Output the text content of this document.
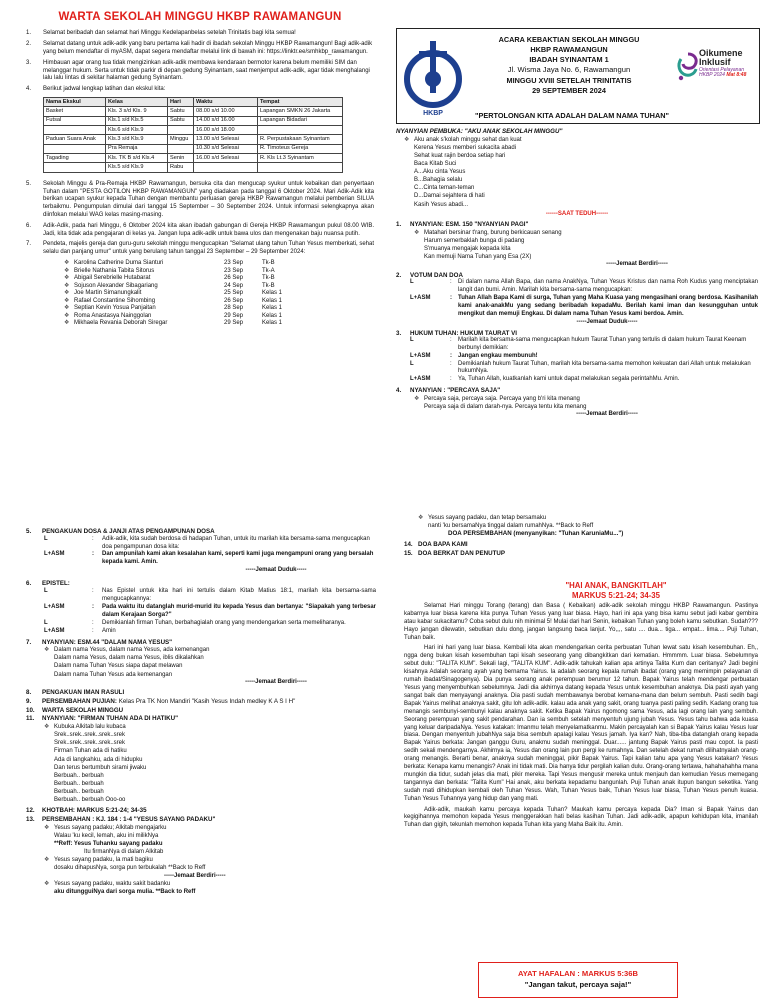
WARTA SEKOLAH MINGGU HKBP RAWAMANGUN
1.	Selamat beribadah dan selamat hari Minggu Kedelapanbelas setelah Trinitatis bagi kita semua!
2.	Selamat datang untuk adik-adik yang baru pertama kali hadir di ibadah sekolah Minggu HKBP Rawamangun! Bagi adik-adik yang belum mendaftar di myASM, dapat segera mendaftar melalui link di bawah ini: https://linktr.ee/smhkbp_rawamangun.
3.	Himbauan agar orang tua tidak mengizinkan adik-adik membawa kendaraan bermotor karena belum memiliki SIM dan melanggar hukum. Serta untuk tidak parkir di depan gedung Syinantam, saat menjemput adik-adik, agar tidak menghalangi lalu lalu lintas di sekitar halaman gedung Syinantam.
4.	Berikut jadwal lengkap latihan dan ekskul kita:
Nama Ekskul	Kelas	Hari	Waktu	Tempat
Basket	Kls. 3 s/d Kls. 9	Sabtu	08.00 s/d 10.00	Lapangan SMKN 26 Jakarta
Futsal	Kls.1 s/d Kls.5	Sabtu	14.00 s/d 16.00	Lapangan Bidadari
	Kls.6 s/d Kls.9		16.00 s/d 18.00	
Paduan Suara Anak	Kls.3 s/d Kls.9	Minggu	13.00 s/d Selesai	R. Perpustakaan Syinantam
	Pra Remaja		10.30 s/d Selesai	R. Timoteus Gereja
Tagading	Kls. TK B s/d Kls.4	Senin	16.00 s/d Selesai	R. Kls Lt.3 Syinantam
	Kls.5 s/d Kls.9	Rabu		
5.	Sekolah Minggu & Pra-Remaja HKBP Rawamangun, bersuka cita dan mengucap syukur untuk kebaikan dan penyertaan Tuhan dalam "PESTA GOTILON HKBP RAWAMANGUN" yang diadakan pada tanggal 6 Oktober 2024. Mari Adik-Adik kita berikan ucapan syukur kepada Tuhan dengan membantu perluasan gereja HKBP Rawamangun melalui pemberian SILUA terbaikmu. Pengumpulan dimulai dari tanggal 15 September – 30 September 2024. Untuk informasi selengkapnya akan diinfokan melalui WAG kelas masing-masing.
6.	Adik-Adik, pada hari Minggu, 6 Oktober 2024 kita akan ibadah gabungan di Gereja HKBP Rawamangun pukul 08.00 WIB. Jadi, kita tidak ada pengajaran di kelas ya. Jangan lupa adik-adik untuk bawa ulos dan mengenakan baju nuansa putih.
7.	Pendeta, majelis gereja dan guru-guru sekolah minggu mengucapkan "Selamat ulang tahun Tuhan Yesus memberkati, sehat selalu dan panjang umur" untuk yang berulang tahun tanggal 23 September – 29 September 2024:
❖ Karolina Catherine Duma Sianturi	23 Sep	Tk-B
❖ Brielle Nathania Tabita Sitorus	23 Sep	Tk-A
❖ Abigail Serebrielle Hutabarat	26 Sep	Tk-B
❖ Sojuson Alexander Sibagariang	24 Sep	Tk-B
❖ Joe Martin Simanungkalit	25 Sep	Kelas 1
❖ Rafael Constantine Sihombing	26 Sep	Kelas 1
❖ Septian Kevin Yosua Panjaitan	28 Sep	Kelas 1
❖ Roma Anastasya Nainggolan	29 Sep	Kelas 1
❖ Mikhaela Revania Deborah Siregar	29 Sep	Kelas 1
HKBP
ACARA KEBAKTIAN SEKOLAH MINGGU
HKBP RAWAMANGUN
IBADAH SYINANTAM 1
Jl. Wisma Jaya No. 6, Rawamangun
MINGGU XVIII SETELAH TRINITATIS
29 SEPTEMBER 2024
"PERTOLONGAN KITA ADALAH DALAM NAMA TUHAN"
Oikumene
Inklusif
Orientasi Pelayanan
HKBP 2024 Mat 8:48
NYANYIAN PEMBUKA: "AKU ANAK SEKOLAH MINGGU"
❖ Aku anak s'kolah minggu sehat dan kuat
Kerena Yesus memberi sukacita abadi
Sehat kuat rajin berdoa setiap hari
Baca Kitab Suci
A...Aku cinta Yesus
B...Bahagia selalu
C...Cinta teman-teman
D...Damai sejahtera di hati
Kasih Yesus abadi...
------SAAT TEDUH------
1.	NYANYIAN: ESM. 150 "NYANYIAN PAGI"
❖ Matahari bersinar t'rang, burung berkicauan senang
Harum semerbaklah bunga di padang
S'muanya mengajak kepada kita
Kan memuji Nama Tuhan yang Esa (2X)
-----Jemaat Berdiri-----
2.	VOTUM DAN DOA
L	:	Di dalam nama Allah Bapa, dan nama AnakNya, Tuhan Yesus Kristus dan nama Roh Kudus yang menciptakan langit dan bumi. Amin. Marilah kita bersama-sama mengucapkan:
L+ASM	:	Tuhan Allah Bapa Kami di surga, Tuhan yang Maha Kuasa yang mengasihani orang berdosa. Kasihanilah kami anak-anakMu yang sedang beribadah kepadaMu. Berilah kami iman dan kesungguhan untuk mengikut dan memuji Engkau. Di dalam nama Tuhan Yesus kami berdoa. Amin.
-----Jemaat Duduk-----
3.	HUKUM TUHAN: HUKUM TAURAT VI
L	:	Marilah kita bersama-sama mengucapkan hukum Taurat Tuhan yang tertulis di dalam hukum Taurat Keenam berbunyi demikian:
L+ASM	:	Jangan engkau membunuh!
L	:	Demikianlah hukum Taurat Tuhan, marilah kita bersama-sama memohon kekuatan dari Allah untuk melakukan hukumNya.
L+ASM	:	Ya, Tuhan Allah, kuatkanlah kami untuk dapat melakukan segala perintahMu. Amin.
4.	NYANYIAN : "PERCAYA SAJA"
❖ Percaya saja, percaya saja. Percaya yang b'ri kita menang
Percaya saja di dalam darah-nya. Percaya tentu kita menang
-----Jemaat Berdiri-----
5.	PENGAKUAN DOSA & JANJI ATAS PENGAMPUNAN DOSA
L	:	Adik-adik, kita sudah berdosa di hadapan Tuhan, untuk itu marilah kita bersama-sama mengucapkan doa pengampunan dosa kita:
L+ASM	:	Dan ampunilah kami akan kesalahan kami, seperti kami juga mengampuni orang yang bersalah kepada kami. Amin.
-----Jemaat Duduk-----
6.	EPISTEL:
L	:	Nas Epistel untuk kita hari ini tertulis dalam Kitab Matius 18:1, marilah kita bersama-sama mengucapkannya:
L+ASM	:	Pada waktu itu datanglah murid-murid itu kepada Yesus dan bertanya: "Siapakah yang terbesar dalam Kerajaan Sorga?"
L	:	Demikianlah firman Tuhan, berbahagialah orang yang mendengarkan serta memeliharanya.
L+ASM	:	Amin
7.	NYANYIAN: ESM.44 "DALAM NAMA YESUS"
❖ Dalam nama Yesus, dalam nama Yesus, ada kemenangan
Dalam nama Yesus, dalam nama Yesus, iblis dikalahkan
Dalam nama Tuhan Yesus siapa dapat melawan
Dalam nama Tuhan Yesus ada kemenangan
-----Jemaat Berdiri-----
8.	PENGAKUAN IMAN RASULI
9.	PERSEMBAHAN PUJIAN:
Kelas Pra TK Non Mandiri "Kasih Yesus Indah medley K A S I H"
10.	WARTA SEKOLAH MINGGU
11.	NYANYIAN: "FIRMAN TUHAN ADA DI HATIKU"
❖ Kubuka Alkitab lalu kubaca
Srek..srek..srek..srek..srek
Srek..srek..srek..srek..srek
Firman Tuhan ada di hatiku
Ada di langkahku, ada di hidupku
Dan terus bertumbuh sirami jiwaku
Berbuah.. berbuah
Berbuah.. berbuah
Berbuah.. berbuah
Berbuah.. berbuah Ooo-oo
12.	KHOTBAH: MARKUS 5:21-24; 34-35
13.	PERSEMBAHAN : KJ. 184 : 1-4 "YESUS SAYANG PADAKU"
❖ Yesus sayang padaku; Alkitab mengajarku
Walau 'ku kecil, lemah, aku ini milikNya
**Reff: Yesus Tuhanku sayang padaku
Itu firmanNya di dalam Alkitab
❖ Yesus sayang padaku, la mati bagiku
dosaku dihapusNya, sorga pun terbukalah **Back to Reff
-----Jemaat Berdiri-----
❖ Yesus sayang padaku, waktu sakit badanku
aku ditungguiNya dari sorga mulia. **Back to Reff
❖ Yesus sayang padaku, dan tetap bersamaku
nanti 'ku bersamaNya tinggal dalam rumahNya. **Back to Reff
DOA PERSEMBAHAN (menyanyikan: "Tuhan KaruniaMu...")
14. DOA BAPA KAMI
15. DOA BERKAT DAN PENUTUP
"HAI ANAK, BANGKITLAH"
MARKUS 5:21-24; 34-35
Selamat Hari minggu Torang (terang) dan Basa ( Kebaikan) adik-adik sekolah minggu HKBP Rawamangun. Pastinya kabarnya luar biasa karena kita punya Tuhan Yesus yang luar biasa. Hayo, hari ini apa yang bisa kamu sebut jadi kabar gembira atau kabar sukacitamu? Coba sebut dulu nih minimal 5! Mulai dari hari Senin, kebaikan Tuhan yang boleh kamu sebutkan. Sudah??? Hayo jangan dilewatin, sebutkan dulu dong, jangan langsung baca lanjut. Yo,,,, satu .... dua... tiga... empat... lima.... Puji Tuhan, Tuhan baik.
Hari ini hari yang luar biasa. Kembali kita akan mendengarkan cerita perbuatan Tuhan lewat satu kisah kesembuhan. Eh,, ngga deng bukan kisah kesembuhan tapi kisah seseorang yang dibangkitkan dari kematian. Hmmmm. Luar biasa. Sebelumnya sebut dulu: "TALITA KUM". Sekali lagi, "TALITA KUM". Adik-adik tahukah kalian apa artinya Talita Kum dan ceritanya? Jadi begini kisahnya Adalah seorang ayah yang bernama Yairus. Ia adalah seorang kepala rumah ibadat (orang yang memimpin pelayanan di rumah ibadat/Sinagogenya). Dia punya seorang anak perempuan berumur 12 tahun. Bapak Yairus telah mendengar perbuatan Yesus yang menyembuhkan sebelumnya. Jadi dia akhirnya datang kepada Yesus untuk kesembuhan anaknya. Dia pasti ayah yang sangat baik dan menyayangi anaknya. Dia pasti sudah membawanya berobat kemana-mana dan belum sembuh. Pasti sedih bagi Bapak Yairus melihat anaknya sakit, gitu loh adik-adik. kalau ada anak yang sakit, orang tuanya pasti paling sedih. Kadang orang tua menangis sembunyi-sembunyi kalau anaknya sakit. Ketika Bapak Yairus ngomong sama Yesus, ada lagi orang lain yang sembuh. Seorang perempuan yang sakit pendarahan. Dan ia sembuh setelah menyentuh ujung jubah Yesus. Yesus tahu bahwa ada kuasa yang keluar daripadaNya. Yesus katakan: Imanmu telah menyelamatkanmu. Makin percayalah kan si Bapak Yairus kalau Yesus luar biasa. Dengan menyentuh jubahNya saja bisa sembuh apalagi kalau Yesus jamah. Iya kan? Nah, tiba-tiba datanglah orang kepada Bapak Yairus berkata: Jangan ganggu Guru, anakmu sudah meninggal. Duar...... jantung Bapak Yairus pasti mau copot. Ia pasti sedih sekali mendengarnya. Akhirnya ia, Yesus dan orang lain pun pergi ke rumahnya. Dan setelah dekat rumah dilihatnyalah orang-orang menangis. Berarti benar, anaknya sudah meninggal, pikir Bapak Yairus. Tapi kalian tahu apa yang Yesus katakan? Yesus berkata: Kenapa kamu menangis? Anak ini tidak mati. Dia hanya tidur pergilah kalian dulu. Orang-orang tertawa, hahahahahha mana mungkin dia tidur, sudah jelas dia mati, pikir mereka. Tapi Yesus mengusir mereka untuk menjauh dan kemudian Yesus memegang tangannya dan berkata: "Talita Kum" Hai anak, aku berkata kepadamu bangunlah. Puji Tuhan anak itupun bangun seketika. Yang sudah mati dihidupkan kembali oleh Tuhan Yesus. Wah, Tuhan Yesus baik, Tuhan Yesus luar biasa, Tuhan Yesus penuh kuasa. Tuhan Yesus Tuhannya yang hidup dan yang mati.
Adik-adik, maukah kamu percaya kepada Tuhan? Maukah kamu percaya kepada Dia? Iman si Bapak Yairus dan kegigihannya memohon kepada Yesus menggerakkan hati belas kasihan Tuhan. Jadi adik-adik, apapun kehidupan kita, imanilah Tuhan dan gigih, tekunlah memohon kepada Tuhan kita yang Maha Baik itu. Amin.
AYAT HAFALAN : MARKUS 5:36B
"Jangan takut, percaya saja!"
